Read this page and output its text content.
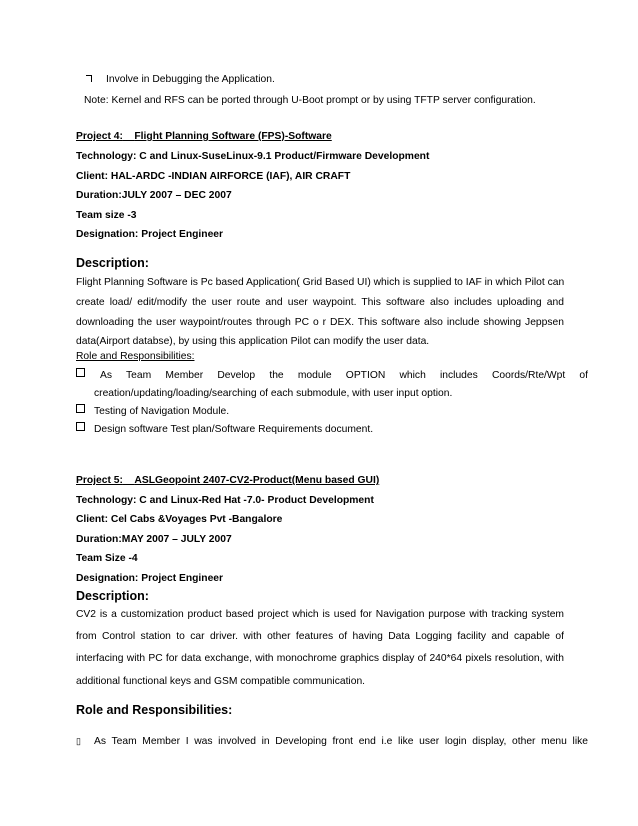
Involve in Debugging the Application.
Note: Kernel and RFS can be ported through U-Boot prompt or by using TFTP server configuration.
Project 4: Flight Planning Software (FPS)-Software
Technology: C and Linux-SuseLinux-9.1 Product/Firmware Development
Client: HAL-ARDC -INDIAN AIRFORCE (IAF), AIR CRAFT
Duration:JULY 2007 – DEC 2007
Team size -3
Designation: Project Engineer
Description:
Flight Planning Software is Pc based Application( Grid Based UI) which is supplied to IAF in which Pilot can
create load/ edit/modify the user route and user waypoint. This software also includes uploading and
downloading the user waypoint/routes through PC o r DEX. This software also include showing Jeppsen
data(Airport databse), by using this application Pilot can modify the user data.
Role and Responsibilities:
As Team Member Develop the module OPTION which includes Coords/Rte/Wpt of
creation/updating/loading/searching of each submodule, with user input option.
Testing of Navigation Module.
Design software Test plan/Software Requirements document.
Project 5: ASLGeopoint 2407-CV2-Product(Menu based GUI)
Technology: C and Linux-Red Hat -7.0- Product Development
Client: Cel Cabs &Voyages Pvt -Bangalore
Duration:MAY 2007 – JULY 2007
Team Size -4
Designation: Project Engineer
Description:
CV2 is a customization product based project which is used for Navigation purpose with tracking system
from Control station to car driver. with other features of having Data Logging facility and capable of
interfacing with PC for data exchange, with monochrome graphics display of 240*64 pixels resolution, with
additional functional keys and GSM compatible communication.
Role and Responsibilities:
▯ As Team Member I was involved in Developing front end i.e like user login display, other menu like
